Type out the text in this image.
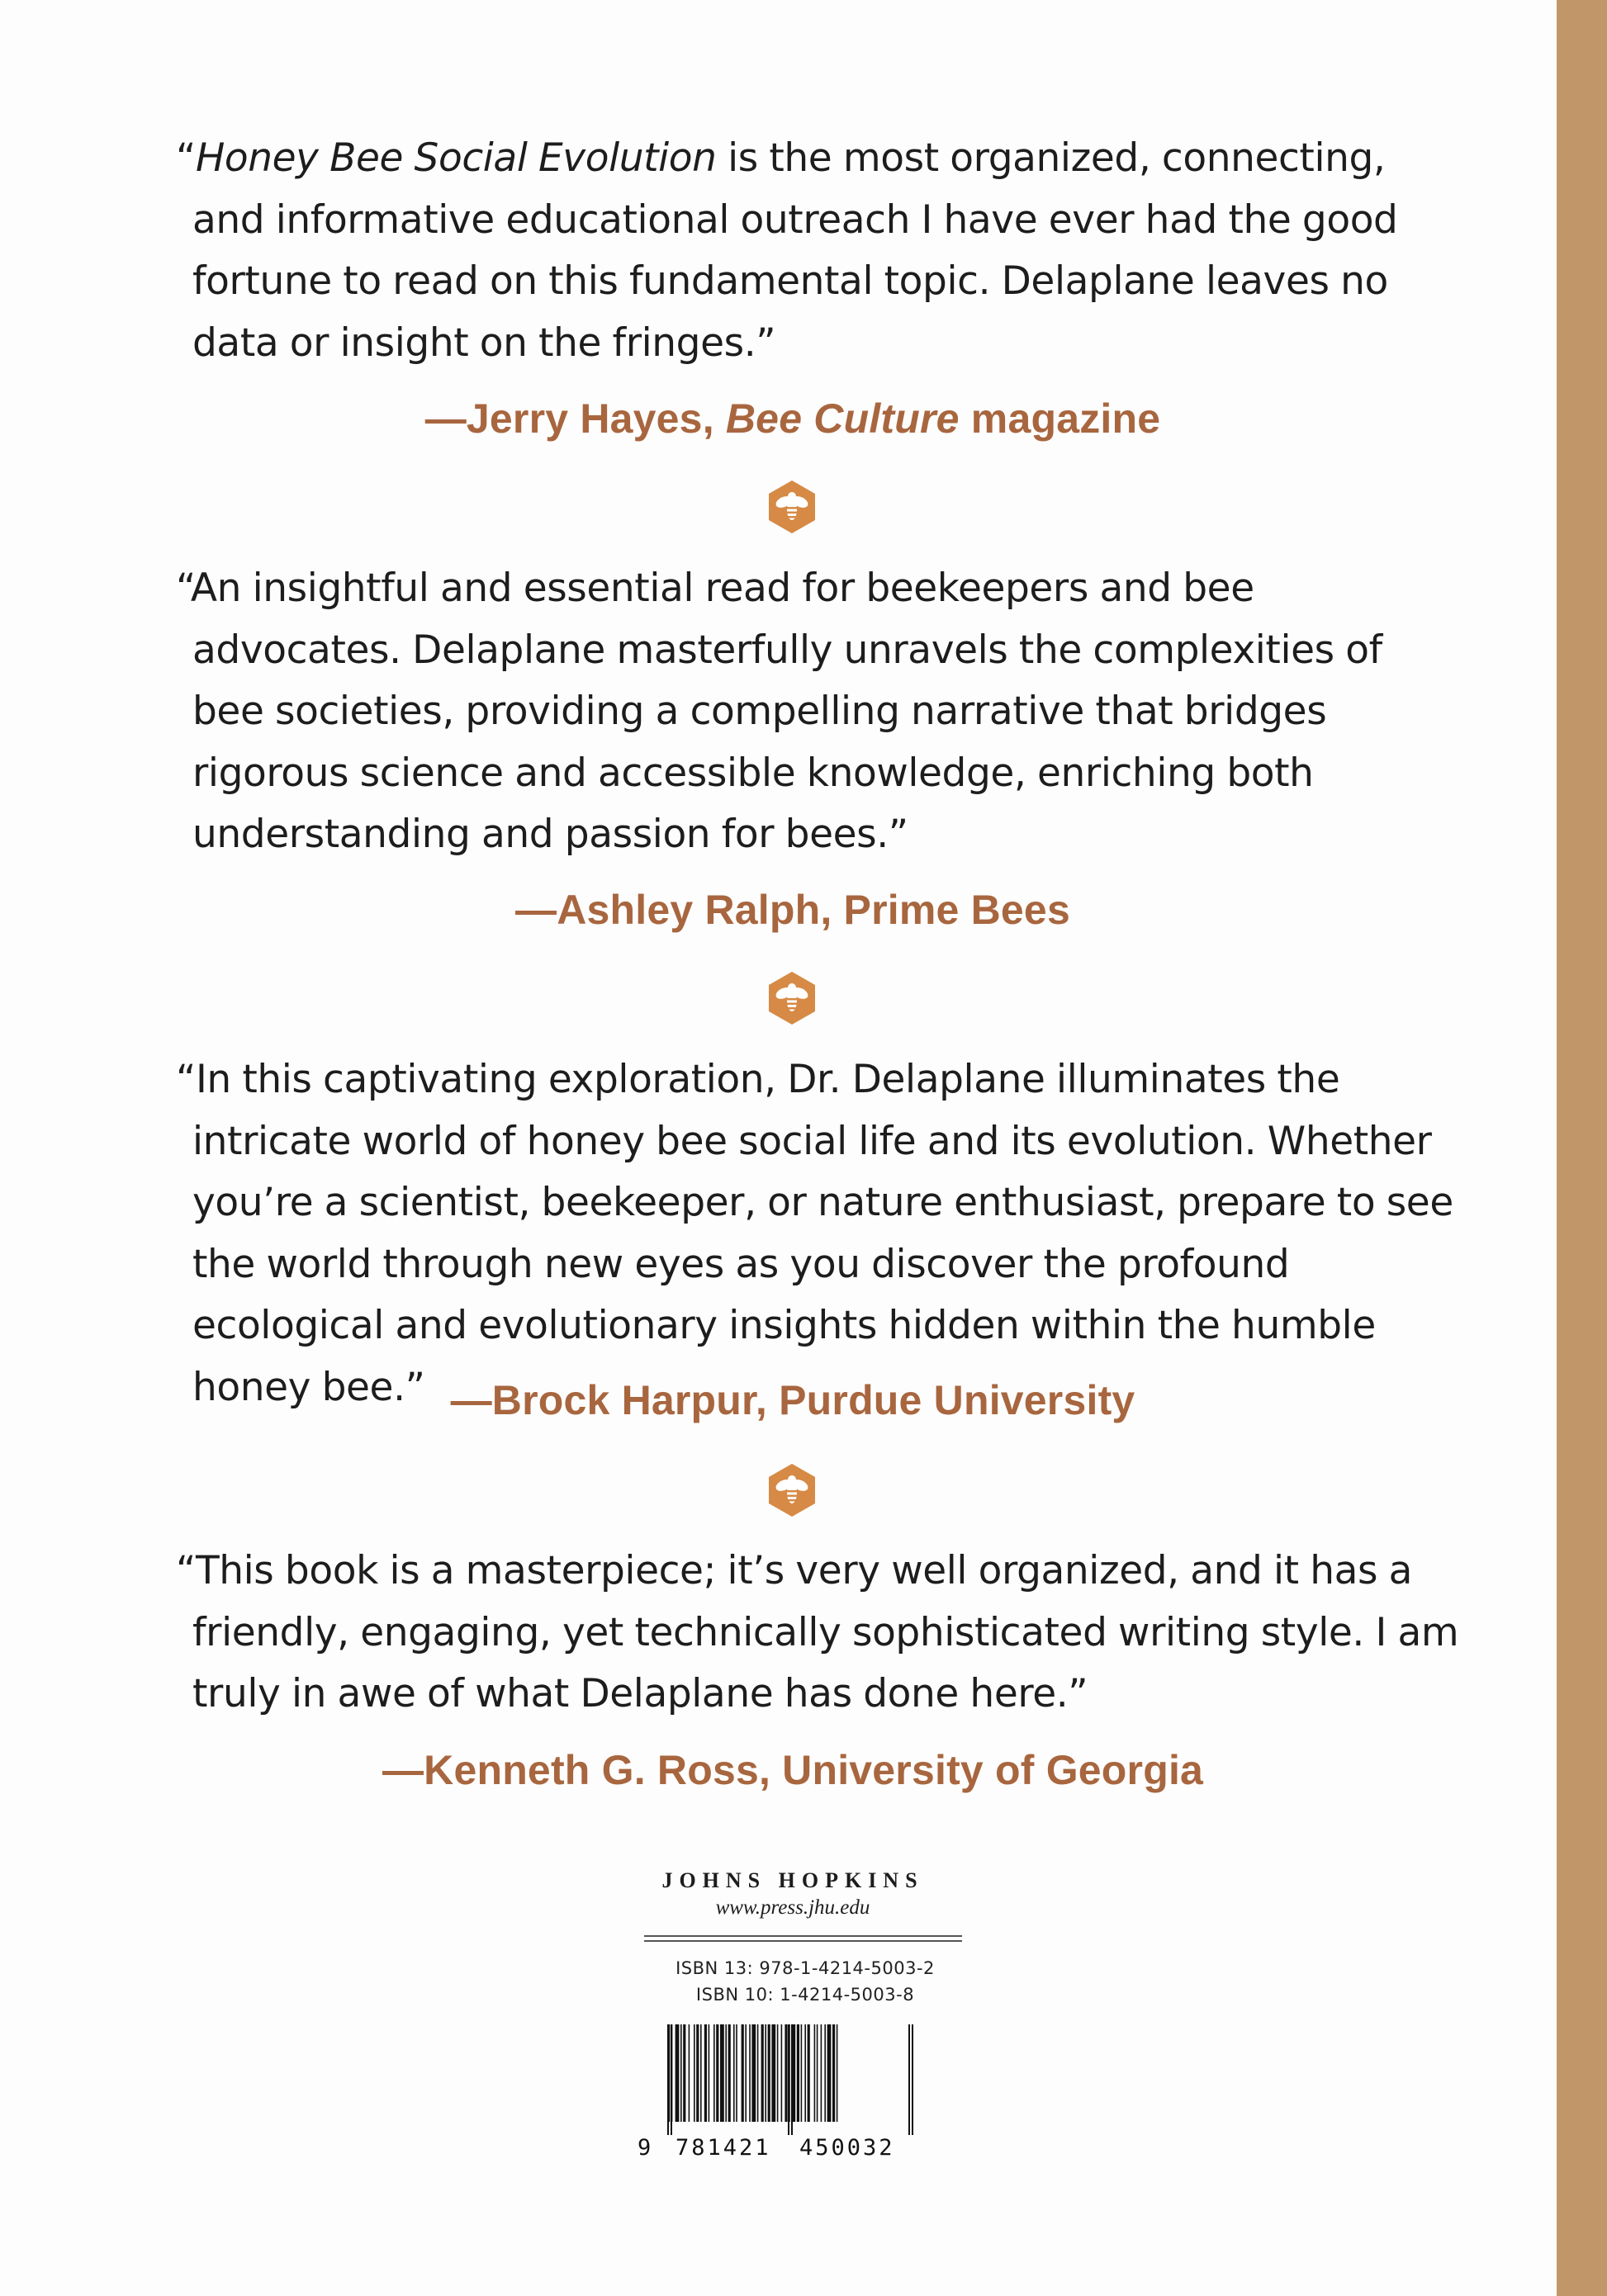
“Honey Bee Social Evolution is the most organized, connecting, and informative educational outreach I have ever had the good fortune to read on this fundamental topic. Delaplane leaves no data or insight on the fringes.”
—Jerry Hayes, Bee Culture magazine
“An insightful and essential read for beekeepers and bee advocates. Delaplane masterfully unravels the complexities of bee societies, providing a compelling narrative that bridges rigorous science and accessible knowledge, enriching both understanding and passion for bees.”
—Ashley Ralph, Prime Bees
“In this captivating exploration, Dr. Delaplane illuminates the intricate world of honey bee social life and its evolution. Whether you’re a scientist, beekeeper, or nature enthusiast, prepare to see the world through new eyes as you discover the profound ecological and evolutionary insights hidden within the humble honey bee.” —Brock Harpur, Purdue University
“This book is a masterpiece; it’s very well organized, and it has a friendly, engaging, yet technically sophisticated writing style. I am truly in awe of what Delaplane has done here.”
—Kenneth G. Ross, University of Georgia
JOHNS HOPKINS
www.press.jhu.edu
ISBN 13: 978-1-4214-5003-2
ISBN 10: 1-4214-5003-8
9 781421 450032
